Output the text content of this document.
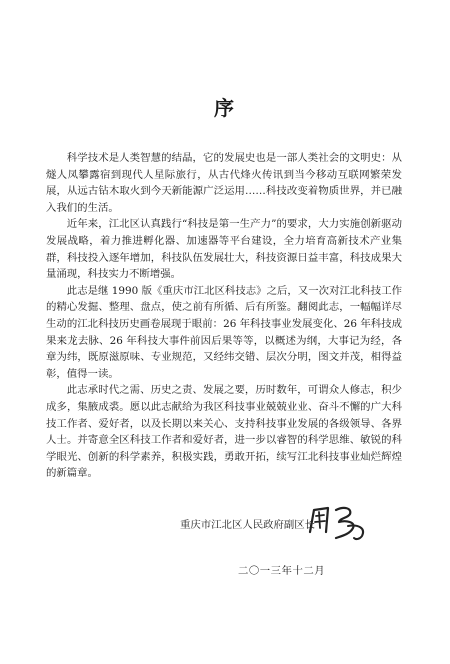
序

科学技术是人类智慧的结晶，它的发展史也是一部人类社会的文明史：从燧人凤攀露宿到现代人星际旅行，从古代烽火传讯到当今移动互联网繁荣发展，从远古钻木取火到今天新能源广泛运用……科技改变着物质世界，并已融入我们的生活。

近年来，江北区认真践行“科技是第一生产力”的要求，大力实施创新驱动发展战略，着力推进孵化器、加速器等平台建设，全力培育高新技术产业集群，科技投入逐年增加，科技队伍发展壮大，科技资源日益丰富，科技成果大量涌现，科技实力不断增强。

此志是继 1990 版《重庆市江北区科技志》之后，又一次对江北科技工作的精心发掘、整理、盘点，使之前有所循、后有所鉴。翻阅此志，一幅幅详尽生动的江北科技历史画卷展现于眼前：26 年科技事业发展变化、26 年科技成果来龙去脉、26 年科技大事件前因后果等等，以概述为纲，大事记为经，各章为纬，既原滋原味、专业规范，又经纬交错、层次分明，图文并茂，相得益彰，值得一读。

此志承时代之需、历史之责、发展之要，历时数年，可谓众人修志，积少成多，集腋成裘。愿以此志献给为我区科技事业兢兢业业、奋斗不懈的广大科技工作者、爱好者，以及长期以来关心、支持科技事业发展的各级领导、各界人士。并寄意全区科技工作者和爱好者，进一步以睿智的科学思维、敏锐的科学眼光、创新的科学素养，积极实践，勇敢开拓，续写江北科技事业灿烂辉煌的新篇章。

重庆市江北区人民政府副区长
二〇一三年十二月
